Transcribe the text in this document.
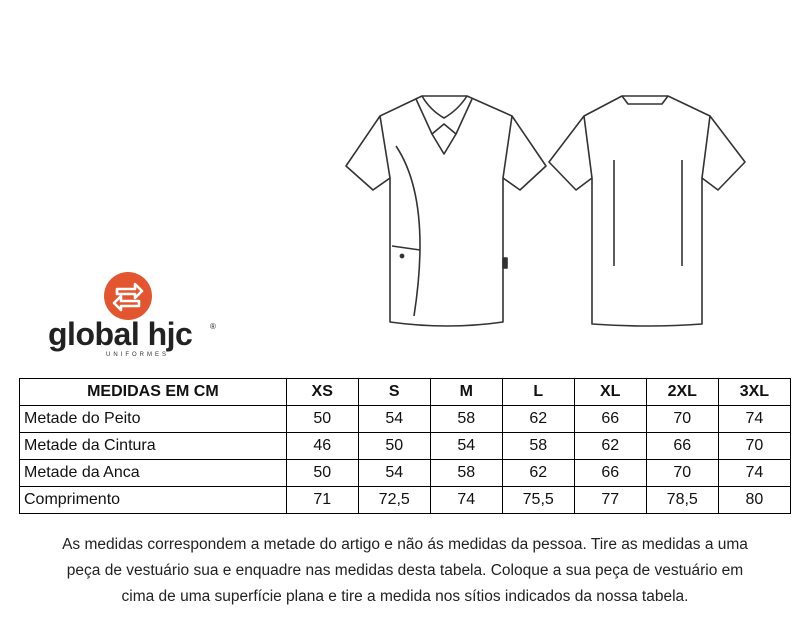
global hjc ®
UNIFORMES
MEDIDAS EM CM	XS	S	M	L	XL	2XL	3XL
Metade do Peito	50	54	58	62	66	70	74
Metade da Cintura	46	50	54	58	62	66	70
Metade da Anca	50	54	58	62	66	70	74
Comprimento	71	72,5	74	75,5	77	78,5	80
As medidas correspondem a metade do artigo e não ás medidas da pessoa. Tire as medidas a uma
peça de vestuário sua e enquadre nas medidas desta tabela. Coloque a sua peça de vestuário em
cima de uma superfície plana e tire a medida nos sítios indicados da nossa tabela.
